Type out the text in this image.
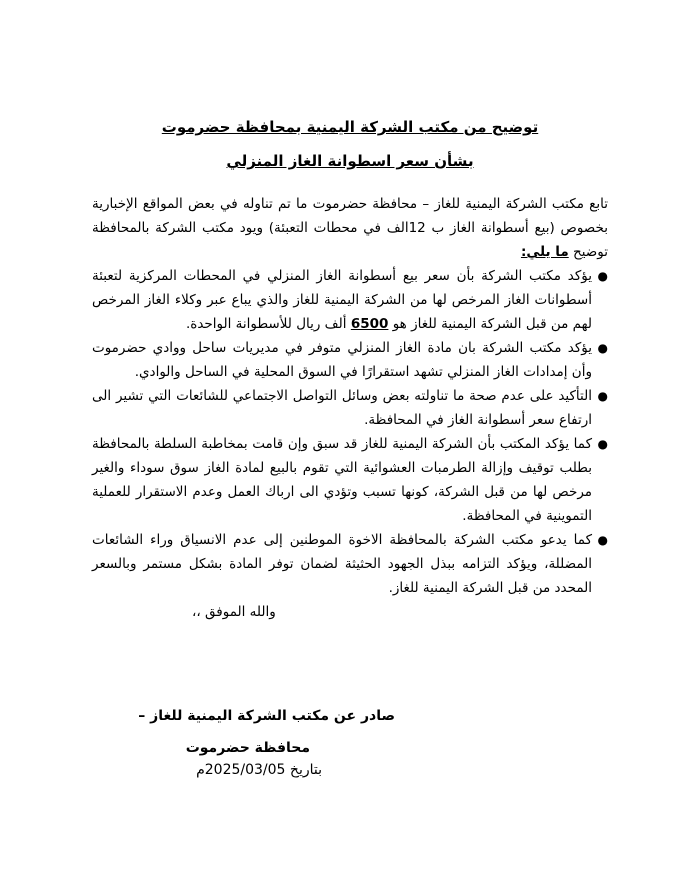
توضيح من مكتب الشركة اليمنية بمحافظة حضرموت
بشأن سعر اسطوانة الغاز المنزلي

تابع مكتب الشركة اليمنية للغاز – محافظة حضرموت ما تم تناوله في بعض المواقع الإخبارية بخصوص (بيع أسطوانة الغاز ب 12الف في محطات التعبئة) ويود مكتب الشركة بالمحافظة توضيح ما يلي:

●
يؤكد مكتب الشركة بأن سعر بيع أسطوانة الغاز المنزلي في المحطات المركزية لتعبئة أسطوانات الغاز المرخص لها من الشركة اليمنية للغاز والذي يباع عبر وكلاء الغاز المرخص لهم من قبل الشركة اليمنية للغاز هو 6500 ألف ريال للأسطوانة الواحدة.
●
يؤكد مكتب الشركة بان مادة الغاز المنزلي متوفر في مديريات ساحل ووادي حضرموت وأن إمدادات الغاز المنزلي تشهد استقرارًا في السوق المحلية في الساحل والوادي.
●
التأكيد على عدم صحة ما تناولته بعض وسائل التواصل الاجتماعي للشائعات التي تشير الى ارتفاع سعر أسطوانة الغاز في المحافظة.
●
كما يؤكد المكتب بأن الشركة اليمنية للغاز قد سبق وإن قامت بمخاطبة السلطة بالمحافظة بطلب توقيف وإزالة الطرمبات العشوائية التي تقوم بالبيع لمادة الغاز سوق سوداء والغير مرخص لها من قبل الشركة، كونها تسبب وتؤدي الى ارباك العمل وعدم الاستقرار للعملية التموينية في المحافظة.
●
كما يدعو مكتب الشركة بالمحافظة الاخوة الموطنين إلى عدم الانسياق وراء الشائعات المضللة، ويؤكد التزامه ببذل الجهود الحثيثة لضمان توفر المادة بشكل مستمر وبالسعر المحدد من قبل الشركة اليمنية للغاز.

والله الموفق ،،

صادر عن مكتب الشركة اليمنية للغاز –
محافظة حضرموت
بتاريخ 2025/03/05م
